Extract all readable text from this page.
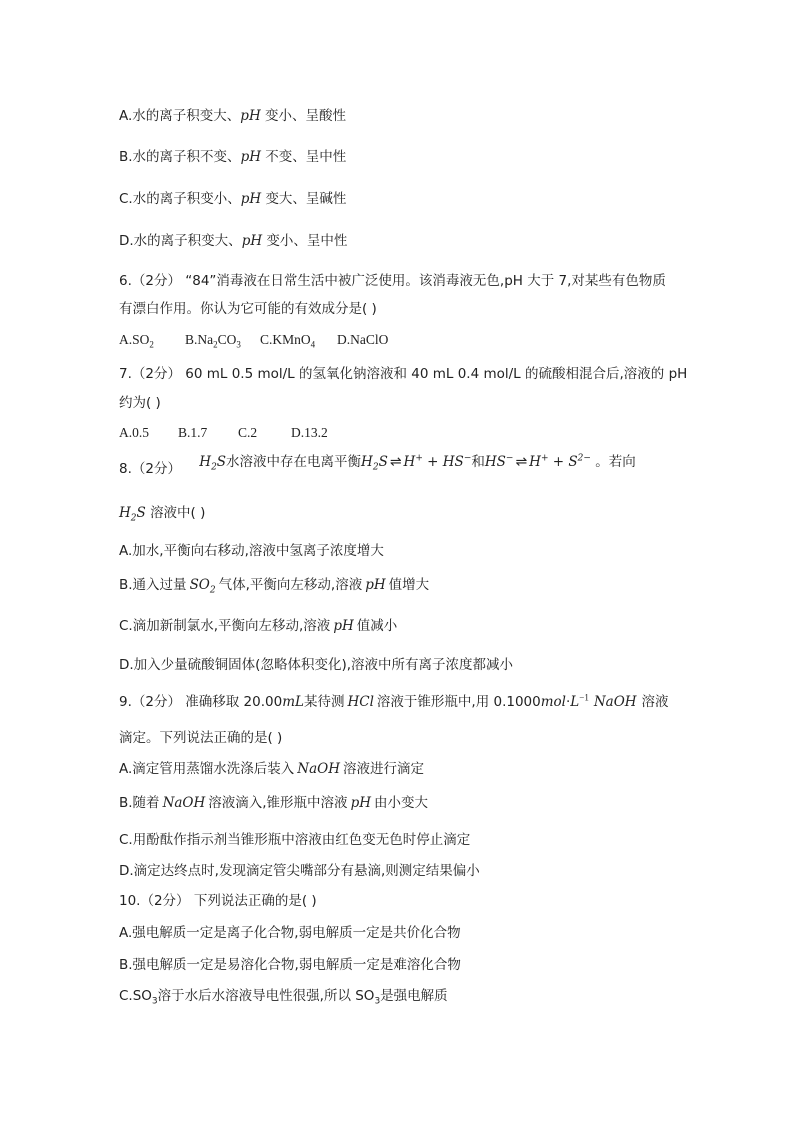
A.水的离子积变大、pH 变小、呈酸性
B.水的离子积不变、pH 不变、呈中性
C.水的离子积变小、pH 变大、呈碱性
D.水的离子积变大、pH 变小、呈中性
6.（2分） “84”消毒液在日常生活中被广泛使用。该消毒液无色,pH 大于 7,对某些有色物质
有漂白作用。你认为它可能的有效成分是( )
$A.SO_2$ $B.Na_2CO_3$ C.KMnO$_4$ D.NaClO
7.（2分） 60 mL 0.5 mol/L 的氢氧化钠溶液和 40 mL 0.4 mol/L 的硫酸相混合后,溶液的 pH
约为( )
A.0.5 B.1.7 C.2	D.13.2
8.（2分） $H_2S$水溶液中存在电离平衡$H_2S$ ⇌ H+ + HS−和HS− ⇌ $H^+ + S^{2-}$ 。若向
$H_2S$ 溶液中( )
A.加水,平衡向右移动,溶液中氢离子浓度增大
B.通入过量 $SO_2$ 气体,平衡向左移动,溶液 pH 值增大
C.滴加新制氯水,平衡向左移动,溶液 pH 值减小
D.加入少量硫酸铜固体(忽略体积变化),溶液中所有离子浓度都减小
9.（2分） 准确移取 20.00mL某待测 HCl 溶液于锥形瓶中,用 $0.1000mol\cdot L^{-1}$ NaOH 溶液
滴定。下列说法正确的是( )
A.滴定管用蒸馏水洗涤后装入 NaOH 溶液进行滴定
B.随着 NaOH 溶液滴入,锥形瓶中溶液 pH 由小变大
C.用酚酞作指示剂当锥形瓶中溶液由红色变无色时停止滴定
D.滴定达终点时,发现滴定管尖嘴部分有悬滴,则测定结果偏小
10.（2分） 下列说法正确的是( )
A.强电解质一定是离子化合物,弱电解质一定是共价化合物
B.强电解质一定是易溶化合物,弱电解质一定是难溶化合物
$C.SO_3$溶于水后水溶液导电性很强,所以 $SO_3$是强电解质
